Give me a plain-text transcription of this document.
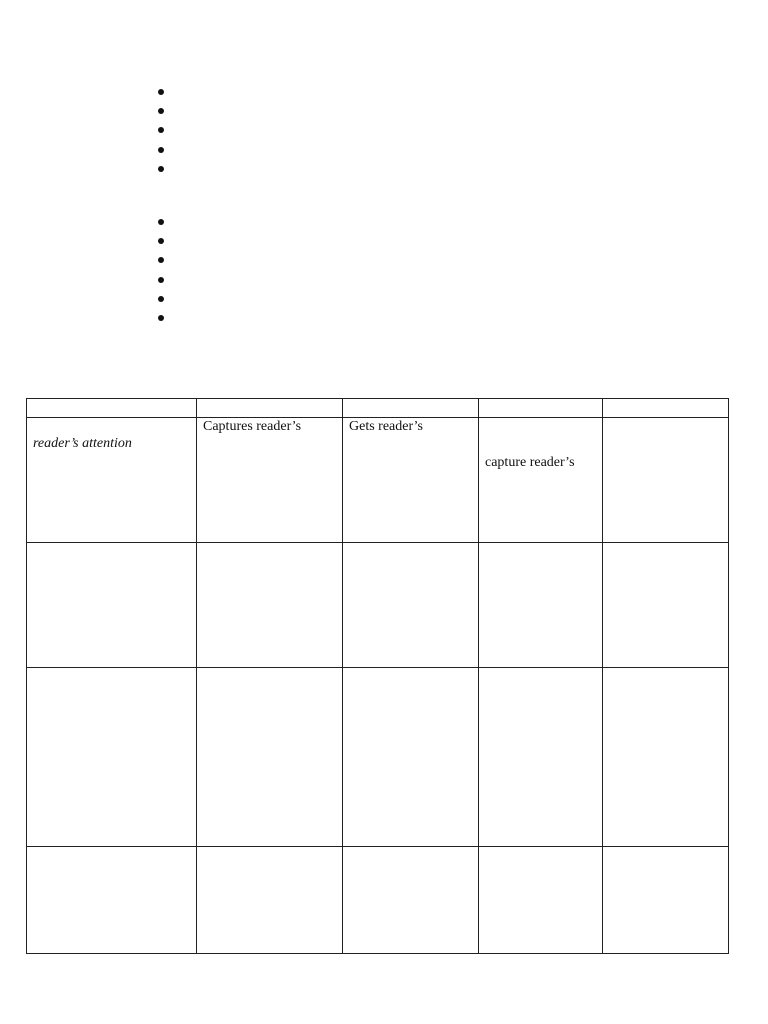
reader’s attention	Captures reader’s	Gets reader’s	capture reader’s	
